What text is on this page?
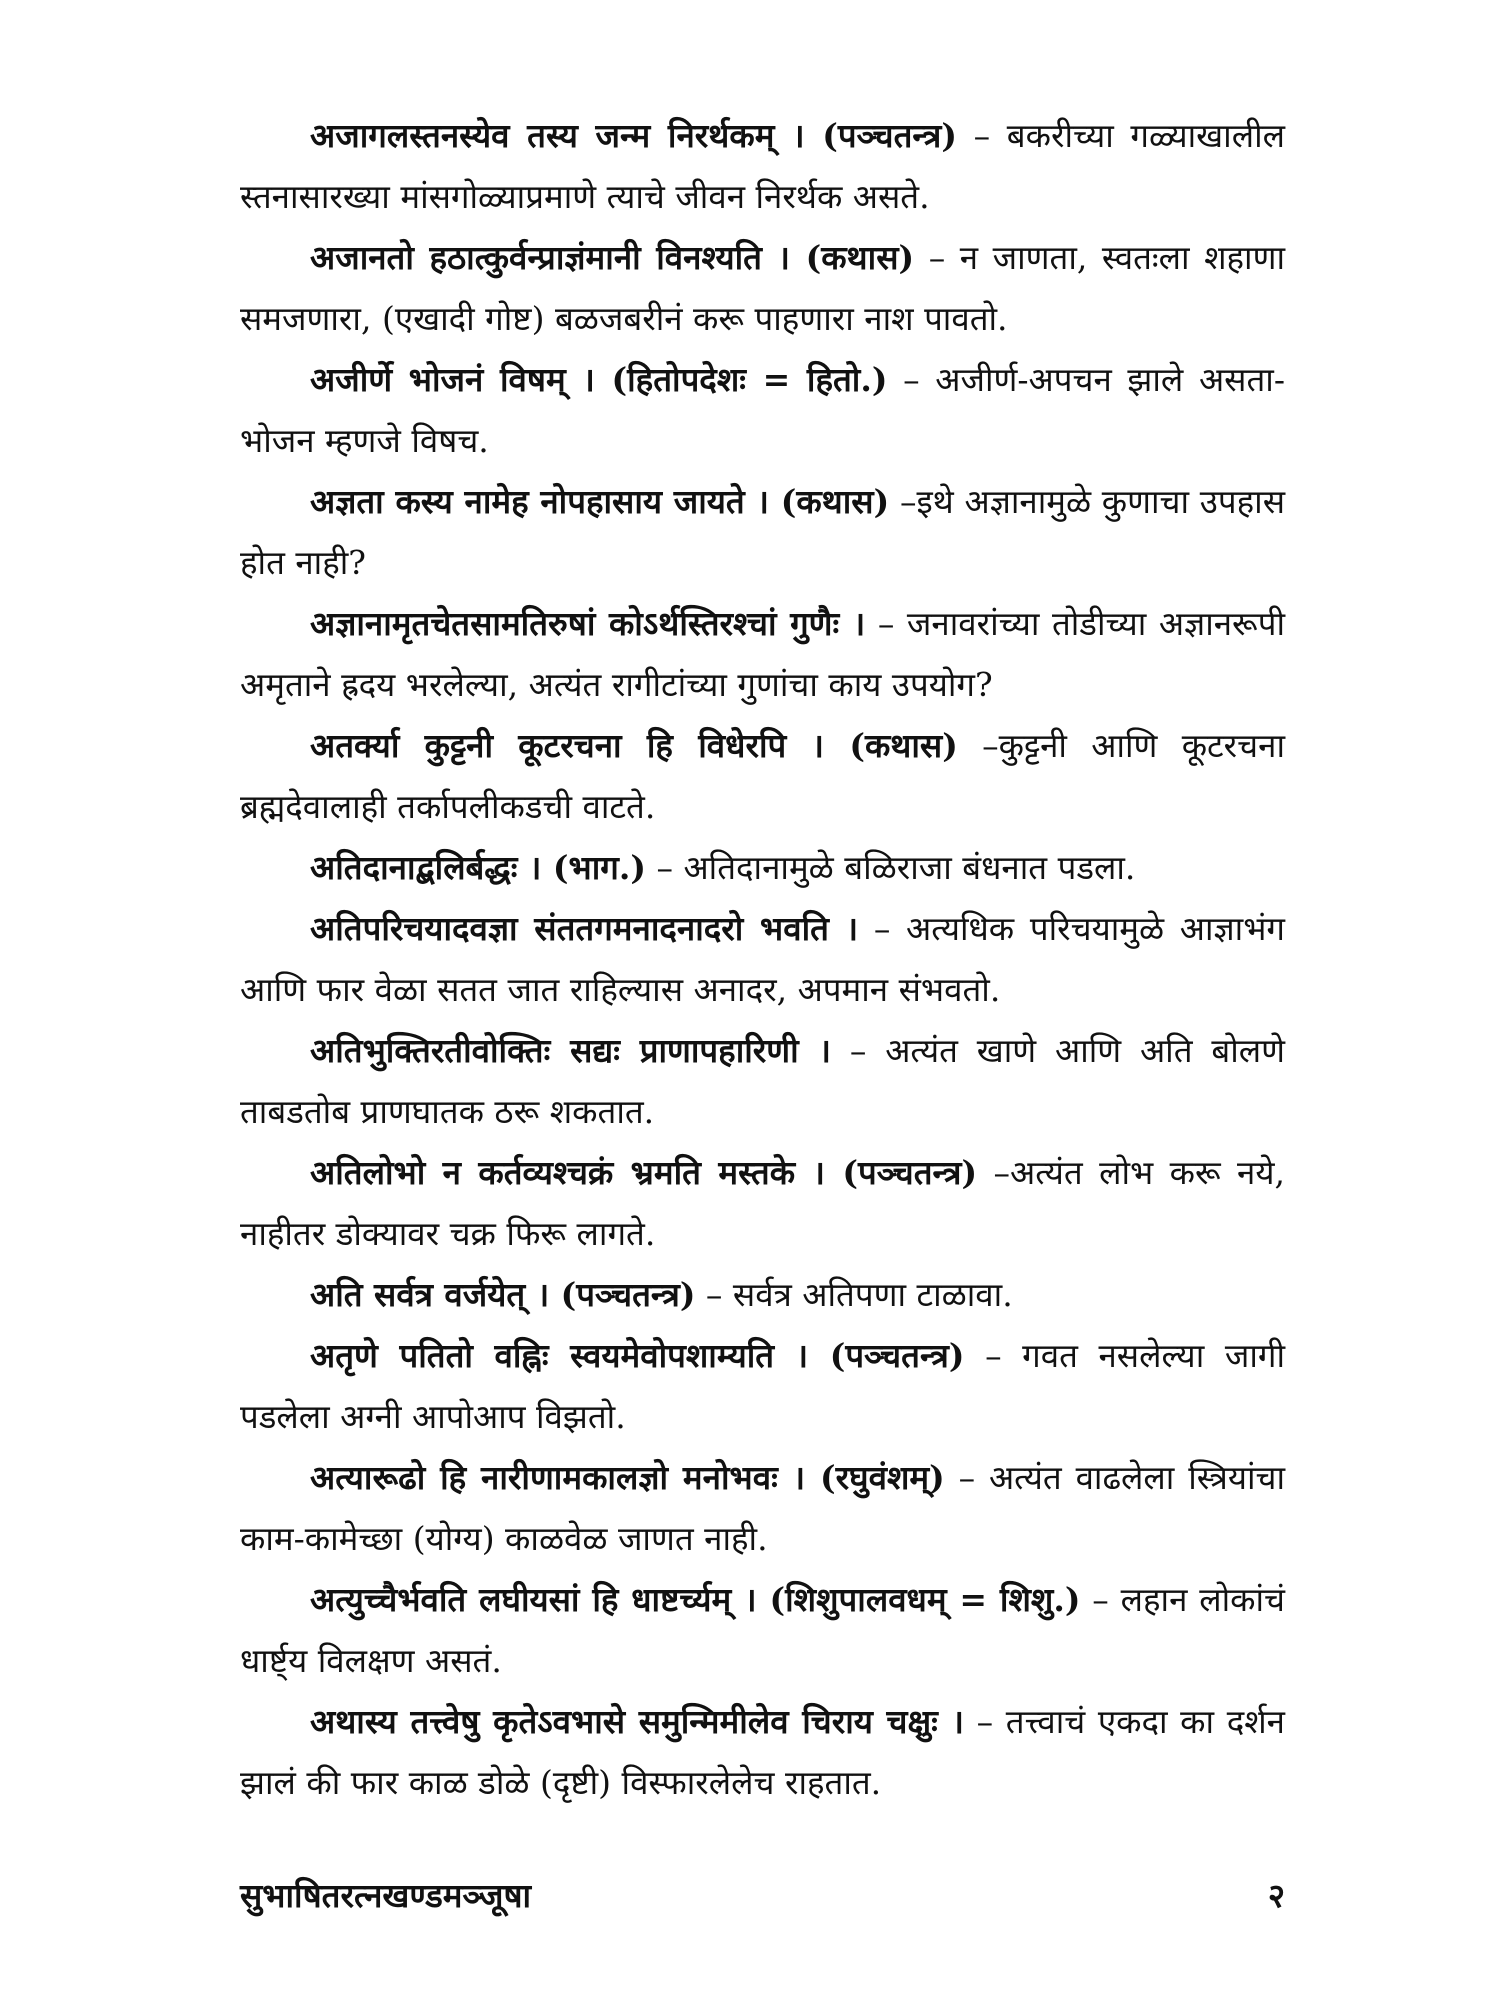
अजागलस्तनस्येव तस्य जन्म निरर्थकम् । (पञ्चतन्त्र) – बकरीच्या गळ्याखालील स्तनासारख्या मांसगोळ्याप्रमाणे त्याचे जीवन निरर्थक असते.

अजानतो हठात्कुर्वन्प्राज्ञंमानी विनश्यति । (कथास) – न जाणता, स्वतःला शहाणा समजणारा, (एखादी गोष्ट) बळजबरीनं करू पाहणारा नाश पावतो.

अजीर्णे भोजनं विषम् । (हितोपदेशः = हितो.) – अजीर्ण-अपचन झाले असता-भोजन म्हणजे विषच.

अज्ञता कस्य नामेह नोपहासाय जायते । (कथास) –इथे अज्ञानामुळे कुणाचा उपहास होत नाही?

अज्ञानामृतचेतसामतिरुषां कोऽर्थस्तिरश्चां गुणैः । – जनावरांच्या तोडीच्या अज्ञानरूपी अमृताने ह्रदय भरलेल्या, अत्यंत रागीटांच्या गुणांचा काय उपयोग?

अतर्क्या कुट्टनी कूटरचना हि विधेरपि । (कथास) –कुट्टनी आणि कूटरचना ब्रह्मदेवालाही तर्कापलीकडची वाटते.

अतिदानाद्बलिर्बद्धः । (भाग.) – अतिदानामुळे बळिराजा बंधनात पडला.

अतिपरिचयादवज्ञा संततगमनादनादरो भवति । – अत्यधिक परिचयामुळे आज्ञाभंग आणि फार वेळा सतत जात राहिल्यास अनादर, अपमान संभवतो.

अतिभुक्तिरतीवोक्तिः सद्यः प्राणापहारिणी । – अत्यंत खाणे आणि अति बोलणे ताबडतोब प्राणघातक ठरू शकतात.

अतिलोभो न कर्तव्यश्चक्रं भ्रमति मस्तके । (पञ्चतन्त्र) –अत्यंत लोभ करू नये, नाहीतर डोक्यावर चक्र फिरू लागते.

अति सर्वत्र वर्जयेत् । (पञ्चतन्त्र) – सर्वत्र अतिपणा टाळावा.

अतृणे पतितो वह्निः स्वयमेवोपशाम्यति । (पञ्चतन्त्र) – गवत नसलेल्या जागी पडलेला अग्नी आपोआप विझतो.

अत्यारूढो हि नारीणामकालज्ञो मनोभवः । (रघुवंशम्) – अत्यंत वाढलेला स्त्रियांचा काम-कामेच्छा (योग्य) काळवेळ जाणत नाही.

अत्युच्चैर्भवति लघीयसां हि धाष्टर्च्यम् । (शिशुपालवधम् = शिशु.) – लहान लोकांचं धार्ष्ट्य विलक्षण असतं.

अथास्य तत्त्वेषु कृतेऽवभासे समुन्मिमीलेव चिराय चक्षुः । – तत्त्वाचं एकदा का दर्शन झालं की फार काळ डोळे (दृष्टी) विस्फारलेलेच राहतात.

सुभाषितरत्नखण्डमञ्जूषा	२
